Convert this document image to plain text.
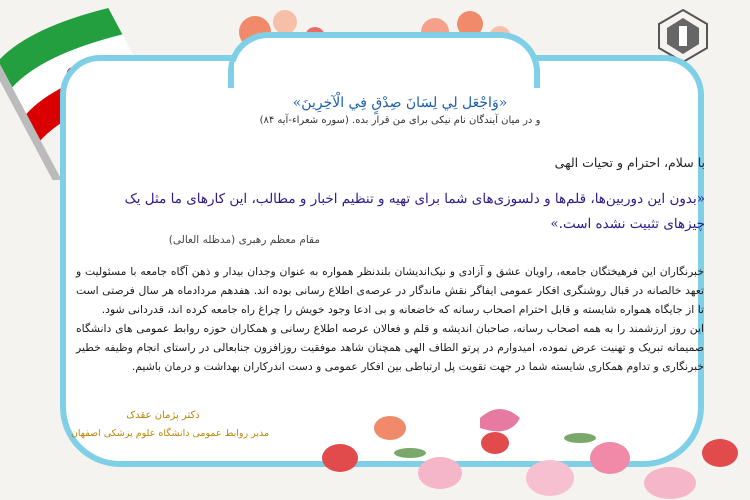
«وَاجْعَل لِي لِسَانَ صِدْقٍ فِي الْآخِرِينَ»
و در میان آیندگان نام نیکی برای من قرار بده. (سوره شعراء-آیه ۸۴)
با سلام، احترام و تحیات الهی
«بدون این دوربین‌ها، قلم‌ها و دلسوزی‌های شما برای تهیه و تنظیم اخبار و مطالب، این کارهای ما مثل یک چیزهای تثبیت نشده است.»
مقام معظم رهبری (مدظله العالی)
خبرنگاران این فرهیختگان جامعه، راویان عشق و آزادی و نیک‌اندیشان بلندنظر همواره به عنوان وجدان بیدار و ذهن آگاه جامعه با مسئولیت و تعهد خالصانه در قبال روشنگری افکار عمومی ایفاگر نقش ماندگار در عرصه‌ی اطلاع رسانی بوده اند. هفدهم مردادماه هر سال فرصتی است تا از جایگاه همواره شایسته و قابل احترام اصحاب رسانه که خاضعانه و بی ادعا وجود خویش را چراغ راه جامعه کرده اند، قدردانی شود.
این روز ارزشمند را به همه اصحاب رسانه، صاحبان اندیشه و قلم و فعالان عرصه اطلاع رسانی و همکاران حوزه روابط عمومی های دانشگاه صمیمانه تبریک و تهنیت عرض نموده، امیدوارم در پرتو الطاف الهی همچنان شاهد موفقیت روزافزون جنابعالی در راستای انجام وظیفه خطیر خبرنگاری و تداوم همکاری شایسته شما در جهت تقویت پل ارتباطی بین افکار عمومی و دست اندرکاران بهداشت و درمان باشیم.
دکتر پژمان عقدک
مدیر روابط عمومی دانشگاه علوم پزشکی اصفهان
